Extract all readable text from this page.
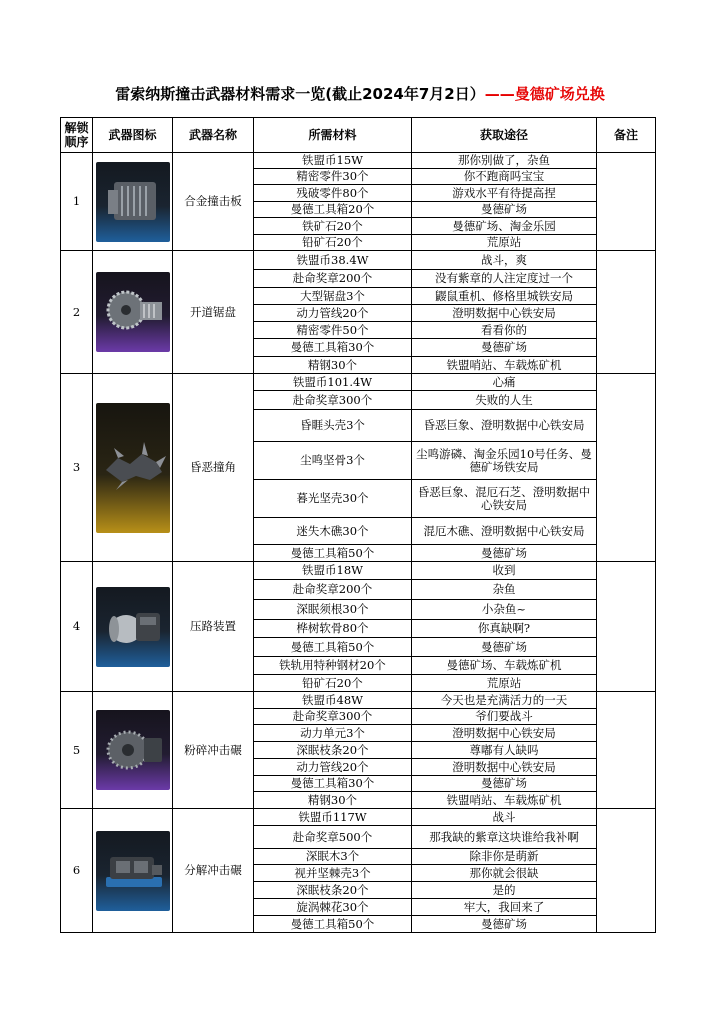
雷索纳斯撞击武器材料需求一览(截止2024年7月2日）——曼德矿场兑换
解锁顺序	武器图标	武器名称	所需材料	获取途径	备注
1		合金撞击板	铁盟币15W	那你别做了，杂鱼	
			精密零件30个	你不跑商吗宝宝	
			残破零件80个	游戏水平有待提高捏	
			曼德工具箱20个	曼德矿场	
			铁矿石20个	曼德矿场、淘金乐园	
			铅矿石20个	荒原站	
2		开道锯盘	铁盟币38.4W	战斗，爽	
			赴命奖章200个	没有紫章的人注定度过一个	
			大型锯盘3个	鼹鼠重机、修格里城铁安局	
			动力管线20个	澄明数据中心铁安局	
			精密零件50个	看看你的	
			曼德工具箱30个	曼德矿场	
			精钢30个	铁盟哨站、车载炼矿机	
3		昏恶撞角	铁盟币101.4W	心痛	
			赴命奖章300个	失败的人生	
			昏睚头壳3个	昏恶巨象、澄明数据中心铁安局	
			尘鸣坚骨3个	尘鸣游磷、淘金乐园10号任务、曼德矿场铁安局	
			暮光坚壳30个	昏恶巨象、混厄石芝、澄明数据中心铁安局	
			迷失木礁30个	混厄木礁、澄明数据中心铁安局	
			曼德工具箱50个	曼德矿场	
4		压路装置	铁盟币18W	收到	
			赴命奖章200个	杂鱼	
			深眠须根30个	小杂鱼~	
			桦树软骨80个	你真缺啊?	
			曼德工具箱50个	曼德矿场	
			铁轨用特种钢材20个	曼德矿场、车载炼矿机	
			铅矿石20个	荒原站	
5		粉碎冲击碾	铁盟币48W	今天也是充满活力的一天	
			赴命奖章300个	爷们要战斗	
			动力单元3个	澄明数据中心铁安局	
			深眠枝条20个	尊嘟有人缺吗	
			动力管线20个	澄明数据中心铁安局	
			曼德工具箱30个	曼德矿场	
			精钢30个	铁盟哨站、车载炼矿机	
6		分解冲击碾	铁盟币117W	战斗	
			赴命奖章500个	那我缺的紫章这块谁给我补啊	
			深眠木3个	除非你是萌新	
			视并坚棘壳3个	那你就会很缺	
			深眠枝条20个	是的	
			旋涡棘花30个	牢大，我回来了	
			曼德工具箱50个	曼德矿场	
